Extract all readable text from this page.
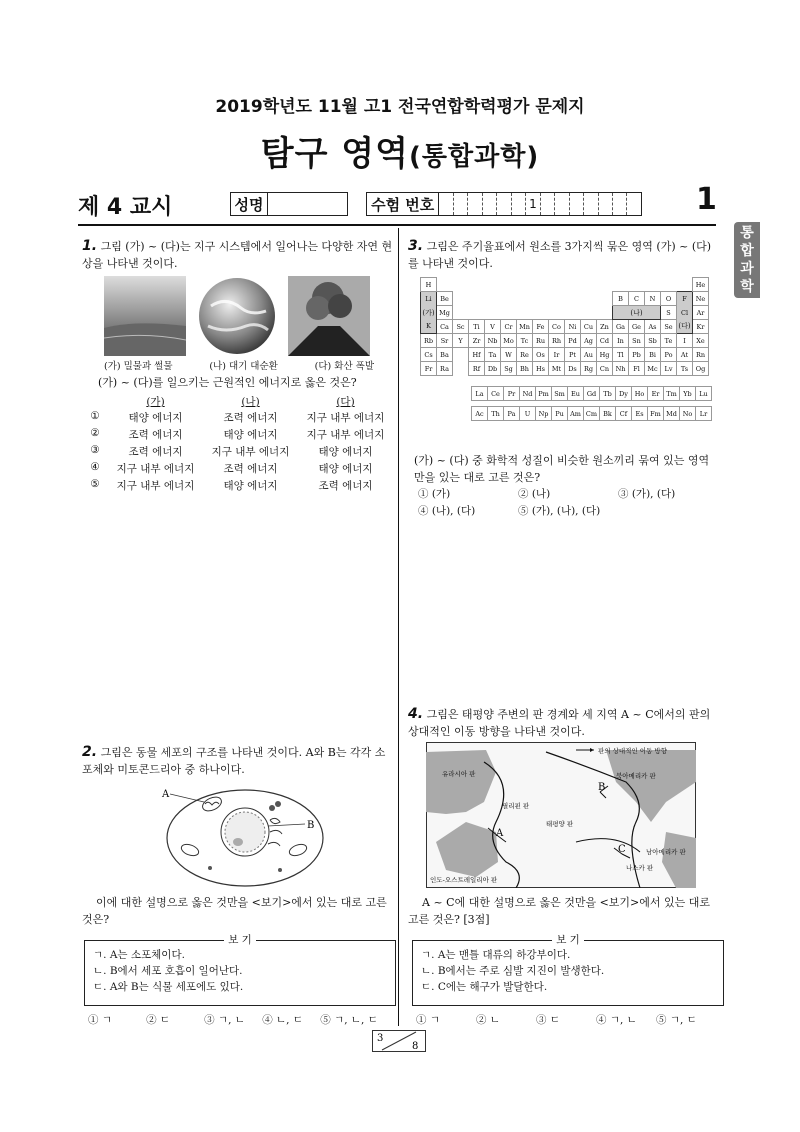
2019학년도 11월 고1 전국연합학력평가 문제지
탐구 영역(통합과학)
제 4 교시	성명	수험 번호	1	1
통
합
과
학
1. 그림 (가) ~ (다)는 지구 시스템에서 일어나는 다양한 자연 현상을 나타낸 것이다.
(가) 밀물과 썰물	(나) 대기 대순환	(다) 화산 폭발
(가) ~ (다)를 일으키는 근원적인 에너지로 옳은 것은?
(가)	(나)	(다)
①	태양 에너지	조력 에너지	지구 내부 에너지
②	조력 에너지	태양 에너지	지구 내부 에너지
③	조력 에너지	지구 내부 에너지	태양 에너지
④	지구 내부 에너지	조력 에너지	태양 에너지
⑤	지구 내부 에너지	태양 에너지	조력 에너지
3. 그림은 주기율표에서 원소를 3가지씩 묶은 영역 (가) ~ (다)를 나타낸 것이다.
H																	He
Li	Be											B	C	N	O	F	Ne
(가)	Mg											(나)			S	Cl	Ar
K	Ca	Sc	Ti	V	Cr	Mn	Fe	Co	Ni	Cu	Zn	Ga	Ge	As	Se	(다)	Kr
Rb	Sr	Y	Zr	Nb	Mo	Tc	Ru	Rh	Pd	Ag	Cd	In	Sn	Sb	Te	I	Xe
Cs	Ba		Hf	Ta	W	Re	Os	Ir	Pt	Au	Hg	Tl	Pb	Bi	Po	At	Rn
Fr	Ra		Rf	Db	Sg	Bh	Hs	Mt	Ds	Rg	Cn	Nh	Fl	Mc	Lv	Ts	Og
La	Ce	Pr	Nd	Pm	Sm	Eu	Gd	Tb	Dy	Ho	Er	Tm	Yb	Lu

Ac	Th	Pa	U	Np	Pu	Am	Cm	Bk	Cf	Es	Fm	Md	No	Lr
(가) ~ (다) 중 화학적 성질이 비슷한 원소끼리 묶여 있는 영역만을 있는 대로 고른 것은?
① (가)	② (나)	③ (가), (다)
④ (나), (다)	⑤ (가), (나), (다)
2. 그림은 동물 세포의 구조를 나타낸 것이다. A와 B는 각각 소포체와 미토콘드리아 중 하나이다.
A
B
이에 대한 설명으로 옳은 것만을 <보기>에서 있는 대로 고른 것은?
보 기
ㄱ. A는 소포체이다.
ㄴ. B에서 세포 호흡이 일어난다.
ㄷ. A와 B는 식물 세포에도 있다.
① ㄱ	② ㄷ	③ ㄱ, ㄴ	④ ㄴ, ㄷ	⑤ ㄱ, ㄴ, ㄷ
4. 그림은 태평양 주변의 판 경계와 세 지역 A ~ C에서의 판의 상대적인 이동 방향을 나타낸 것이다.
판의 상대적인 이동 방향
유라시아 판	북아메리카 판
필리핀 판
태평양 판
남아메리카 판
나스카 판
인도-오스트레일리아 판
A
B
C
A ~ C에 대한 설명으로 옳은 것만을 <보기>에서 있는 대로 고른 것은? [3점]
보 기
ㄱ. A는 맨틀 대류의 하강부이다.
ㄴ. B에서는 주로 심발 지진이 발생한다.
ㄷ. C에는 해구가 발달한다.
① ㄱ	② ㄴ	③ ㄷ	④ ㄱ, ㄴ	⑤ ㄱ, ㄷ
3
8
